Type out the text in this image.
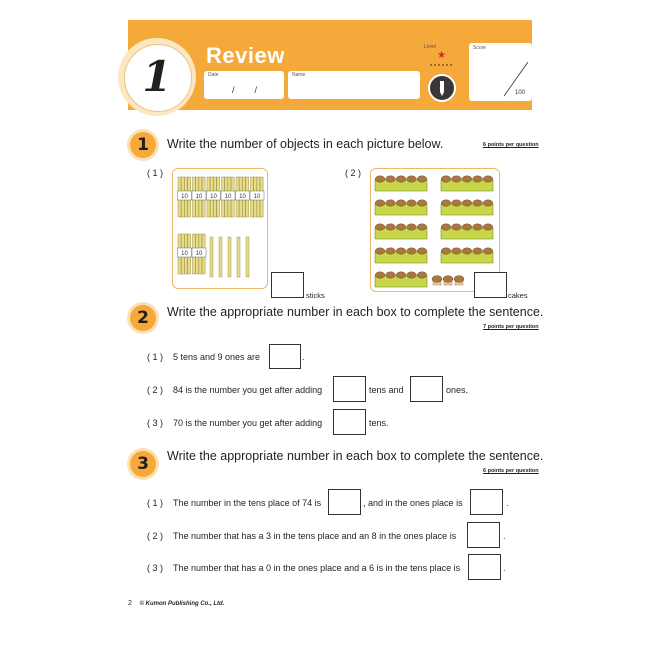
1	Review
Date
/        /
Name
Level
★
Score
100
1	Write the number of objects in each picture below.	6 points per question
( 1 )
10 10 10 10 10 10
10 10
sticks
( 2 )
cakes
2	Write the appropriate number in each box to complete the sentence.
7 points per question
( 1 ) 5 tens and 9 ones are	.
( 2 ) 84 is the number you get after adding	tens and	ones.
( 3 ) 70 is the number you get after adding	tens.
3	Write the appropriate number in each box to complete the sentence.
6 points per question
( 1 ) The number in the tens place of 74 is	, and in the ones place is	.
( 2 ) The number that has a 3 in the tens place and an 8 in the ones place is	.
( 3 ) The number that has a 0 in the ones place and a 6 is in the tens place is	.
2 © Kumon Publishing Co., Ltd.
